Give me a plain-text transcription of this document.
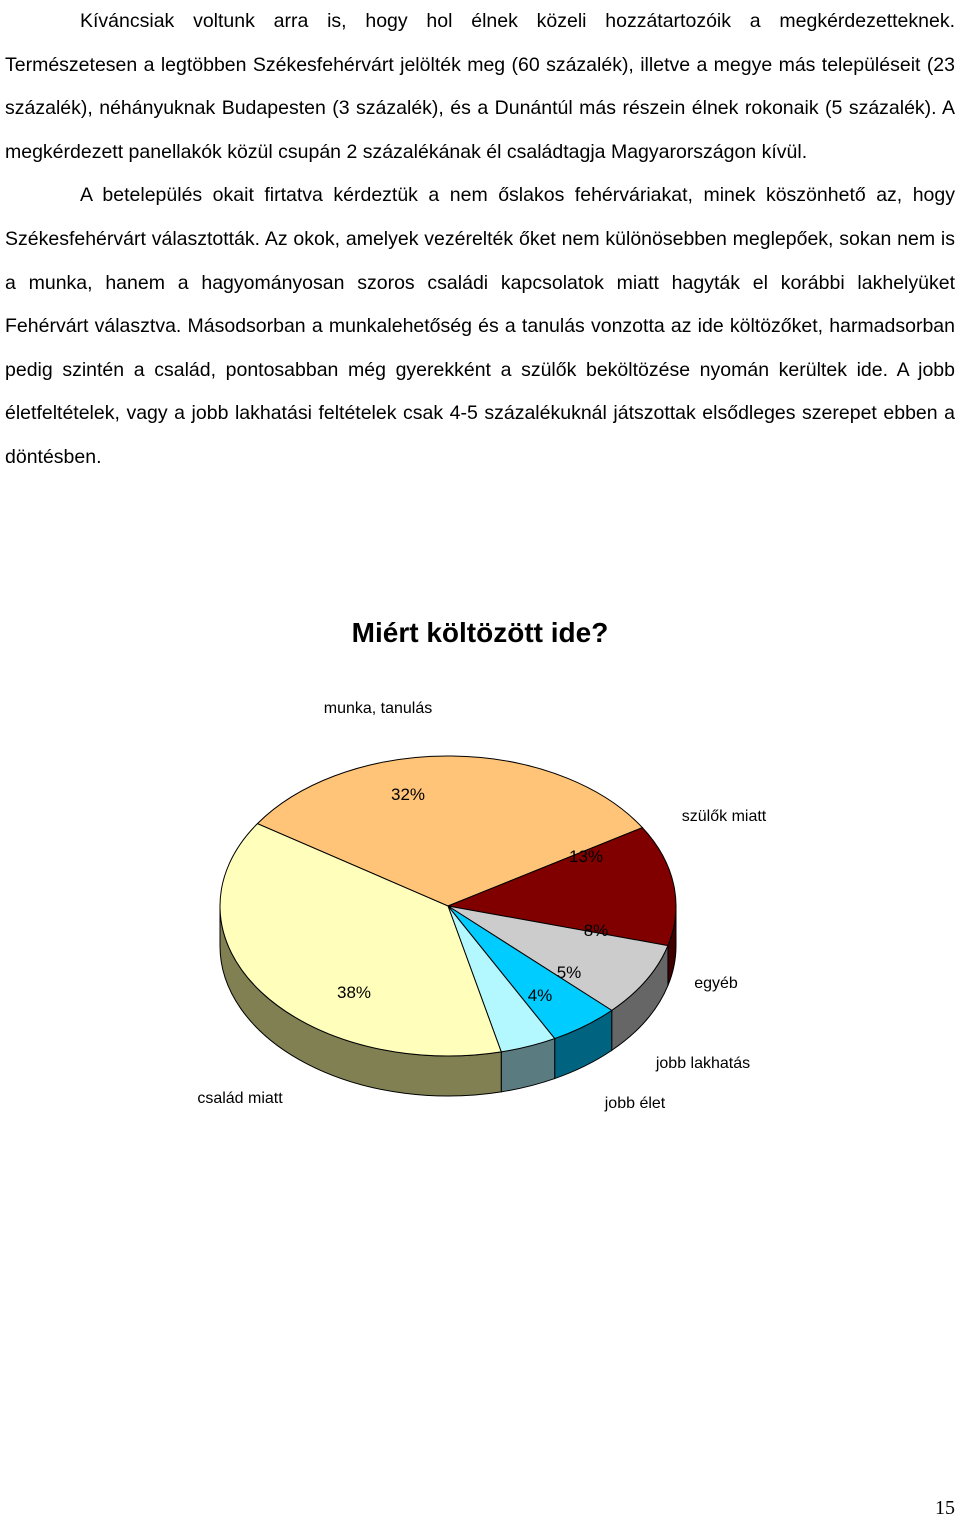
Kíváncsiak voltunk arra is, hogy hol élnek közeli hozzátartozóik a megkérdezetteknek. Természetesen a legtöbben Székesfehérvárt jelölték meg (60 százalék), illetve a megye más településeit (23 százalék), néhányuknak Budapesten (3 százalék), és a Dunántúl más részein élnek rokonaik (5 százalék). A megkérdezett panellakók közül csupán 2 százalékának él családtagja Magyarországon kívül.

A betelepülés okait firtatva kérdeztük a nem őslakos fehérváriakat, minek köszönhető az, hogy Székesfehérvárt választották. Az okok, amelyek vezérelték őket nem különösebben meglepőek, sokan nem is a munka, hanem a hagyományosan szoros családi kapcsolatok miatt hagyták el korábbi lakhelyüket Fehérvárt választva. Másodsorban a munkalehetőség és a tanulás vonzotta az ide költözőket, harmadsorban pedig szintén a család, pontosabban még gyerekként a szülők beköltözése nyomán kerültek ide. A jobb életfeltételek, vagy a jobb lakhatási feltételek csak 4-5 százalékuknál játszottak elsődleges szerepet ebben a döntésben.

Miért költözött ide?
32%
13%
8%
5%
4%
38%
munka, tanulás
szülők miatt
egyéb
jobb lakhatás
jobb élet
család miatt
15
